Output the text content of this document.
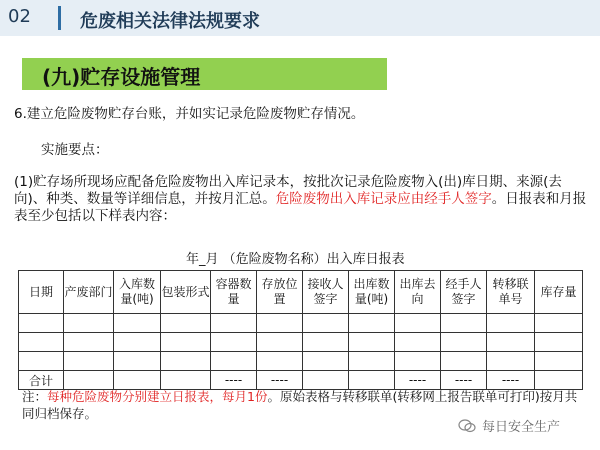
02	危废相关法律法规要求
(九)贮存设施管理
6.建立危险废物贮存台账，并如实记录危险废物贮存情况。
实施要点：
(1)贮存场所现场应配备危险废物出入库记录本，按批次记录危险废物入(出)库日期、来源(去向)、种类、数量等详细信息，并按月汇总。危险废物出入库记录应由经手人签字。日报表和月报表至少包括以下样表内容：
年_月 （危险废物名称）出入库日报表
日期	产废部门	入库数量(吨)	包装形式	容器数量	存放位置	接收人签字	出库数量(吨)	出库去向	经手人签字	转移联单号	库存量

合计				----	----			----	----	----	
注：每种危险废物分别建立日报表，每月1份。原始表格与转移联单(转移网上报告联单可打印)按月共同归档保存。
每日安全生产
